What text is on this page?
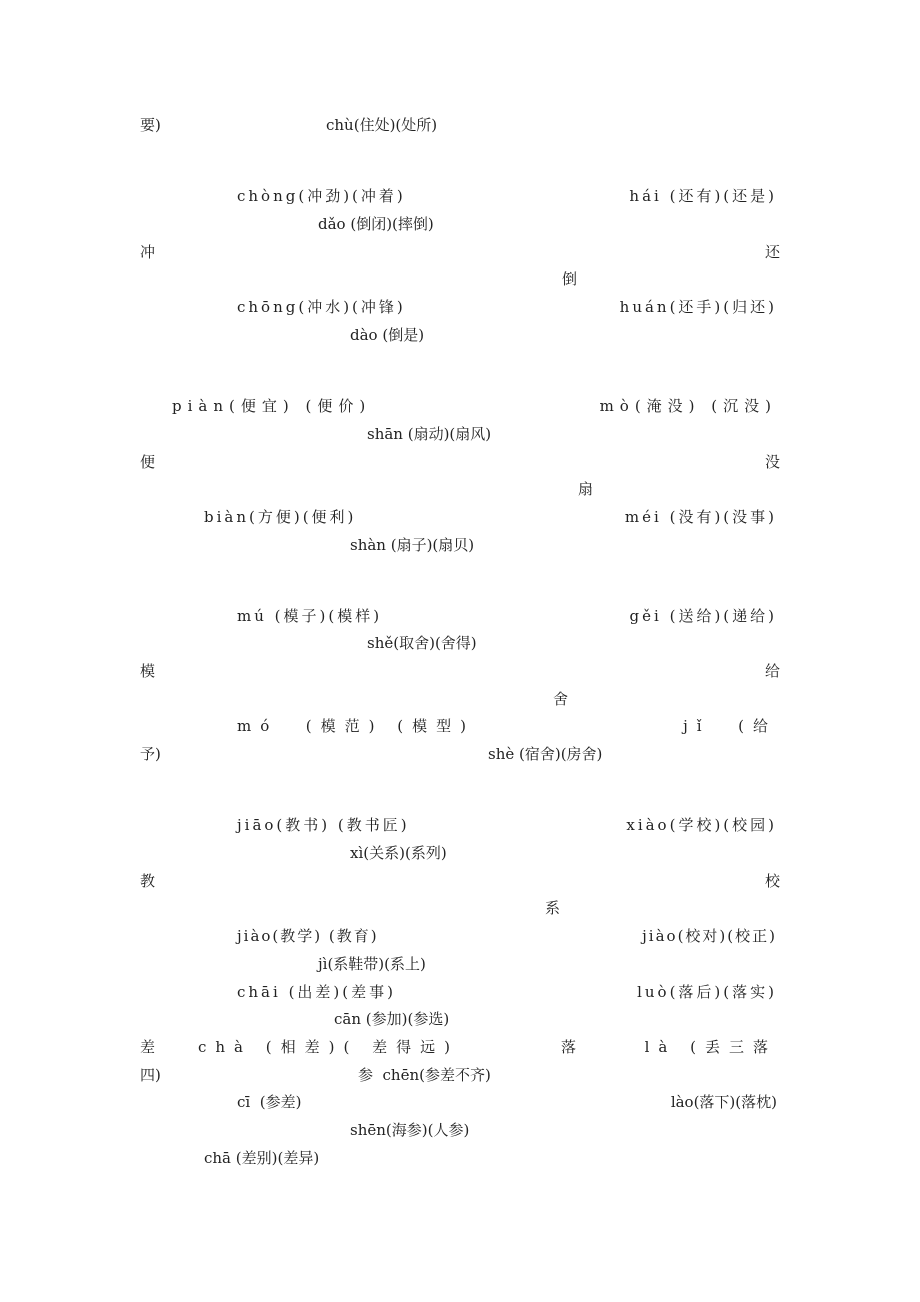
要)	chù(住处)(处所)
chòng(冲劲)(冲着)	hái (还有)(还是)
dǎo (倒闭)(摔倒)
冲	还
倒
chōng(冲水)(冲锋)	huán(还手)(归还)
dào (倒是)
piàn(便宜) (便价)	mò(淹没) (沉没)
shān (扇动)(扇风)
便	没
扇
biàn(方便)(便利)	méi (没有)(没事)
shàn (扇子)(扇贝)
mú (模子)(模样)	gěi (送给)(递给)
shě(取舍)(舍得)
模	给
舍
mó  (模范) (模型)	jǐ  (给
予)	shè (宿舍)(房舍)
jiāo(教书) (教书匠)	xiào(学校)(校园)
xì(关系)(系列)
教	校
系
jiào(教学) (教育)	jiào(校对)(校正)
jì(系鞋带)(系上)
chāi (出差)(差事)	luò(落后)(落实)
cān (参加)(参选)
差	chà (相差)( 差得远)	落	là (丢三落
四)	参  chēn(参差不齐)
cī  (参差)	lào(落下)(落枕)
shēn(海参)(人参)
chā (差别)(差异)
